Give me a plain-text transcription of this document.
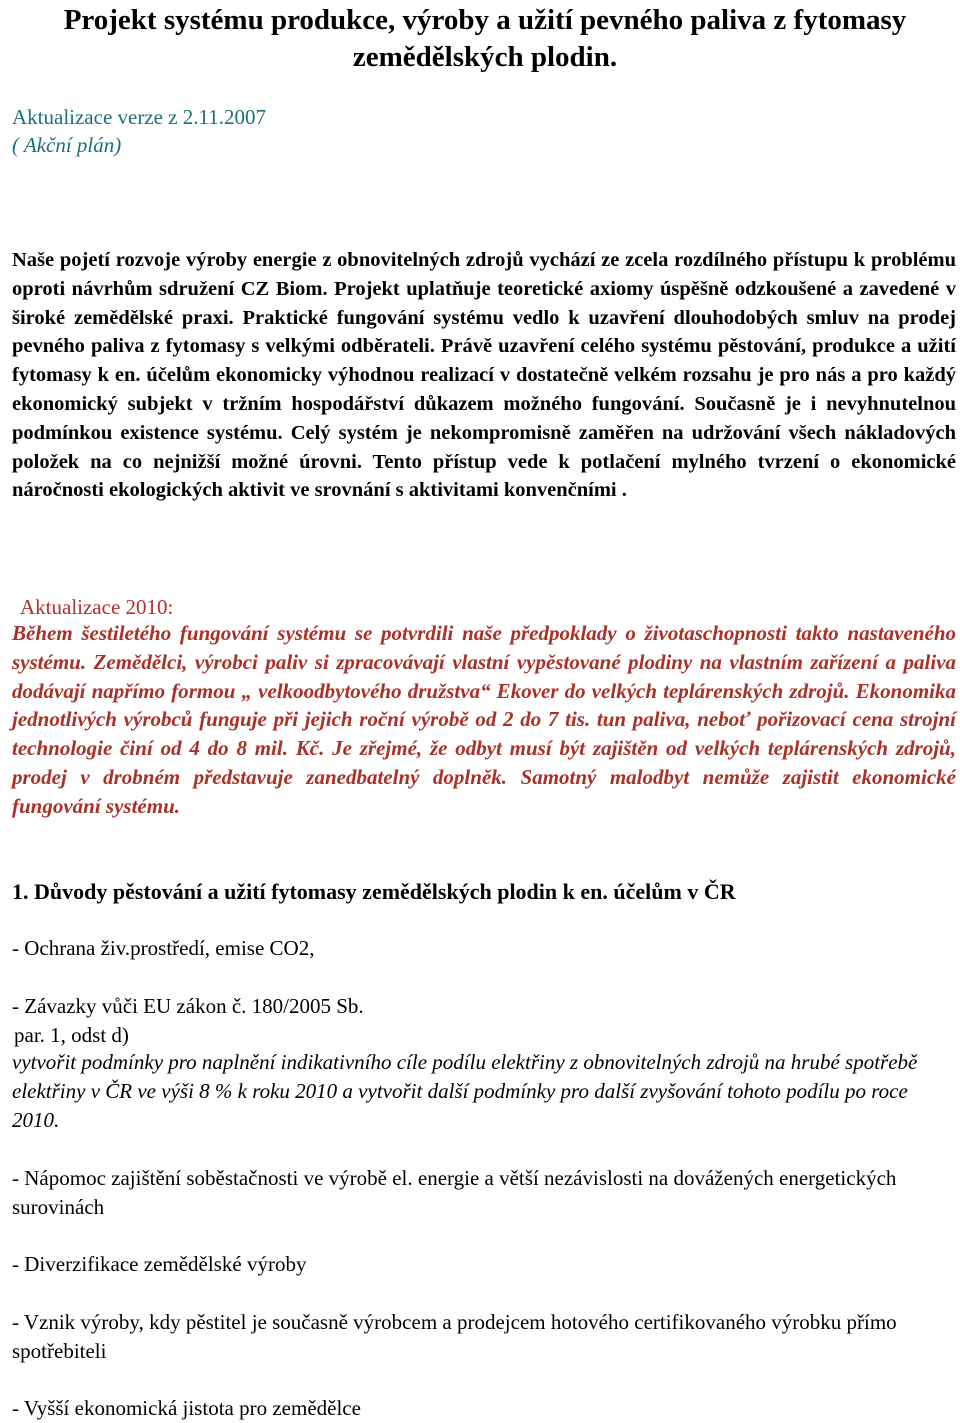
Projekt systému produkce, výroby a užití pevného paliva z fytomasy zemědělských plodin.
Aktualizace verze z 2.11.2007
( Akční plán)
Naše pojetí rozvoje výroby energie z obnovitelných zdrojů vychází ze zcela rozdílného přístupu k problému oproti návrhům sdružení CZ Biom. Projekt uplatňuje teoretické axiomy úspěšně odzkoušené a zavedené v široké zemědělské praxi. Praktické fungování systému vedlo k uzavření dlouhodobých smluv na prodej pevného paliva z fytomasy s velkými odběrateli. Právě uzavření celého systému pěstování, produkce a užití fytomasy k en. účelům ekonomicky výhodnou realizací v dostatečně velkém rozsahu je pro nás a pro každý ekonomický subjekt v tržním hospodářství důkazem možného fungování. Současně je i nevyhnutelnou podmínkou existence systému. Celý systém je nekompromisně zaměřen na udržování všech nákladových položek na co nejnižší možné úrovni. Tento přístup vede k potlačení mylného tvrzení o ekonomické náročnosti ekologických aktivit ve srovnání s aktivitami konvenčními .
Aktualizace 2010:
Během šestiletého fungování systému se potvrdili naše předpoklady o životaschopnosti takto nastaveného systému. Zemědělci, výrobci paliv si zpracovávají vlastní vypěstované plodiny na vlastním zařízení a paliva dodávají napřímo formou „ velkoodbytového družstva“ Ekover do velkých teplárenských zdrojů. Ekonomika jednotlivých výrobců funguje při jejich roční výrobě od 2 do 7 tis. tun paliva, neboť pořizovací cena strojní technologie činí od 4 do 8 mil. Kč. Je zřejmé, že odbyt musí být zajištěn od velkých teplárenských zdrojů, prodej v drobném představuje zanedbatelný doplněk. Samotný malodbyt nemůže zajistit ekonomické fungování systému.
1. Důvody pěstování a užití fytomasy zemědělských plodin k en. účelům v ČR
- Ochrana živ.prostředí, emise CO2,
- Závazky vůči EU zákon č. 180/2005 Sb.
par. 1, odst d)
vytvořit podmínky pro naplnění indikativního cíle podílu elektřiny z obnovitelných zdrojů na hrubé spotřebě elektřiny v ČR ve výši 8 % k roku 2010 a vytvořit další podmínky pro další zvyšování tohoto podílu po roce 2010.
- Nápomoc zajištění soběstačnosti ve výrobě el. energie a větší nezávislosti na dovážených energetických surovinách
- Diverzifikace zemědělské výroby
- Vznik výroby, kdy pěstitel je současně výrobcem a prodejcem hotového certifikovaného výrobku přímo spotřebiteli
- Vyšší ekonomická jistota pro zemědělce
